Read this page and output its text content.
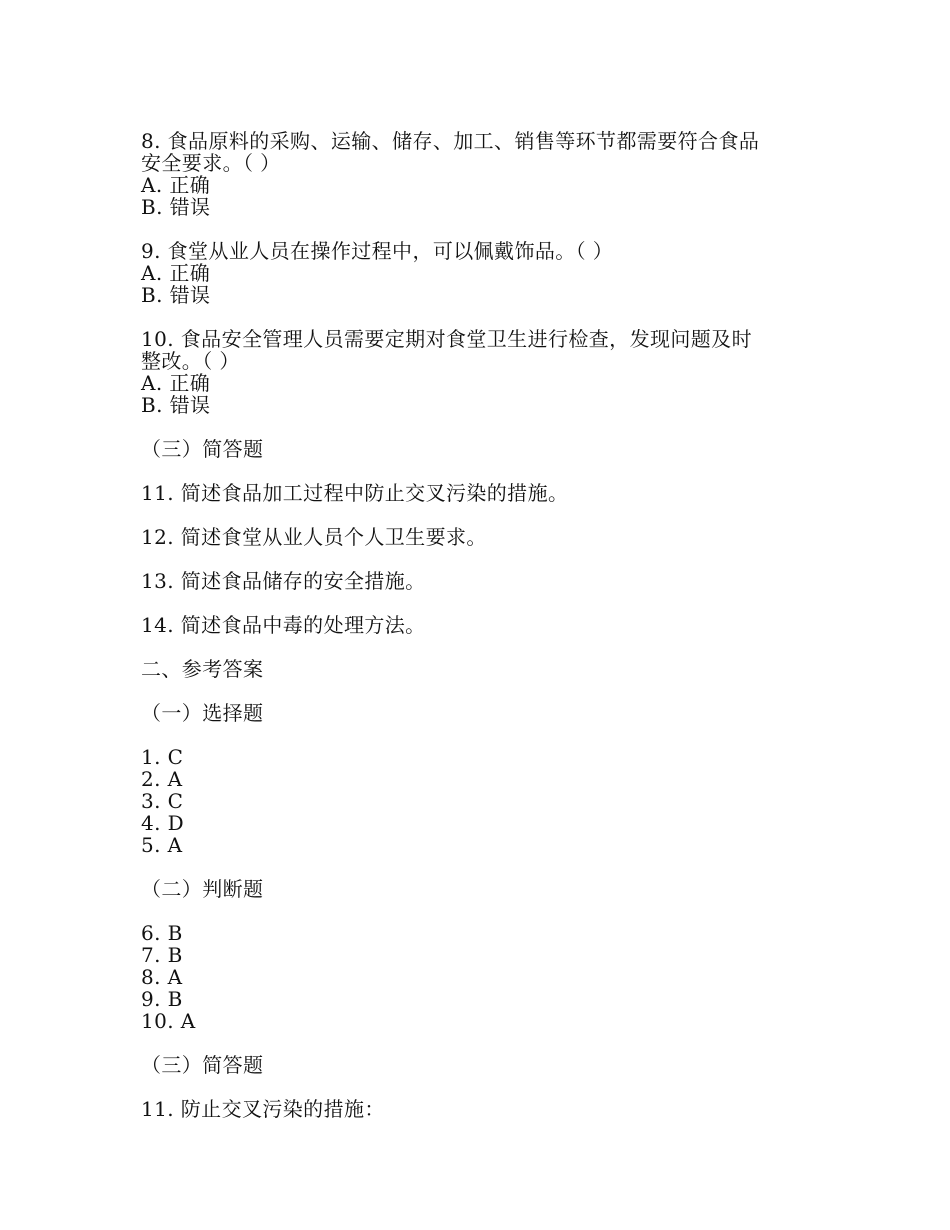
8. 食品原料的采购、运输、储存、加工、销售等环节都需要符合食品
安全要求。（ ）
A. 正确
B. 错误
9. 食堂从业人员在操作过程中，可以佩戴饰品。（ ）
A. 正确
B. 错误
10. 食品安全管理人员需要定期对食堂卫生进行检查，发现问题及时
整改。（ ）
A. 正确
B. 错误
（三）简答题
11. 简述食品加工过程中防止交叉污染的措施。
12. 简述食堂从业人员个人卫生要求。
13. 简述食品储存的安全措施。
14. 简述食品中毒的处理方法。
二、参考答案
（一）选择题
1. C
2. A
3. C
4. D
5. A
（二）判断题
6. B
7. B
8. A
9. B
10. A
（三）简答题
11. 防止交叉污染的措施：
